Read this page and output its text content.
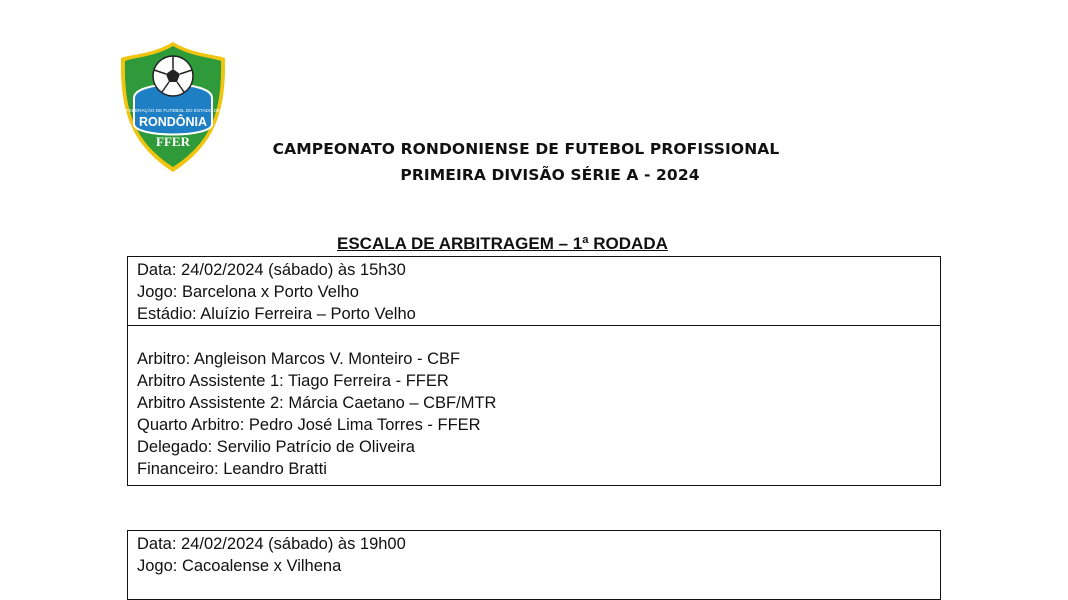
FEDERAÇÃO DE FUTEBOL DO ESTADO DE
RONDÔNIA
FFER	CAMPEONATO RONDONIENSE DE FUTEBOL PROFISSIONAL
PRIMEIRA DIVISÃO SÉRIE A - 2024
ESCALA DE ARBITRAGEM – 1ª RODADA
Data: 24/02/2024 (sábado) às 15h30
Jogo: Barcelona x Porto Velho
Estádio: Aluízio Ferreira – Porto Velho
Arbitro: Angleison Marcos V. Monteiro - CBF
Arbitro Assistente 1: Tiago Ferreira - FFER
Arbitro Assistente 2: Márcia Caetano – CBF/MTR
Quarto Arbitro: Pedro José Lima Torres - FFER
Delegado: Servilio Patrício de Oliveira
Financeiro: Leandro Bratti
Data: 24/02/2024 (sábado) às 19h00
Jogo: Cacoalense x Vilhena
